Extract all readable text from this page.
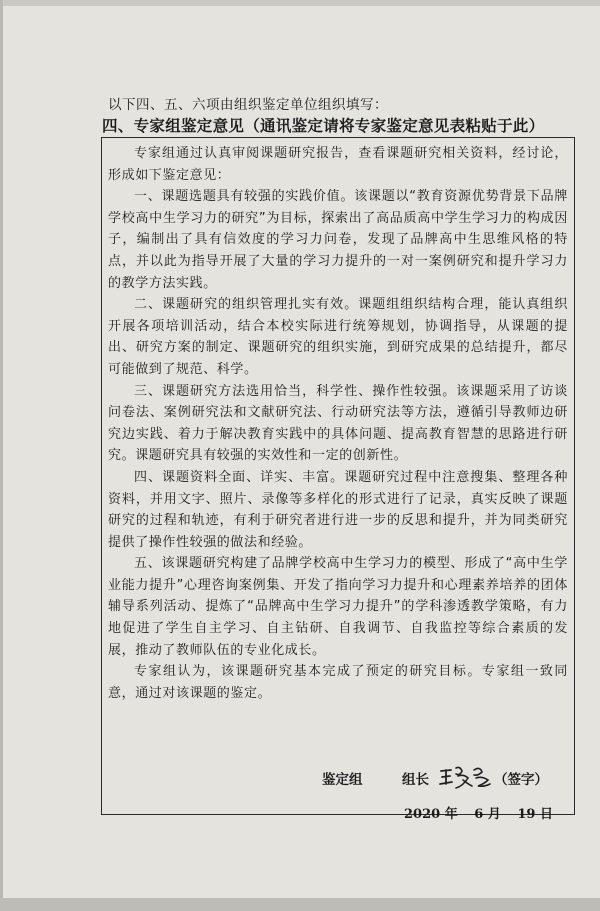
以下四、五、六项由组织鉴定单位组织填写：
四、专家组鉴定意见（通讯鉴定请将专家鉴定意见表粘贴于此）

专家组通过认真审阅课题研究报告，查看课题研究相关资料，经讨论，形成如下鉴定意见：

一、课题选题具有较强的实践价值。该课题以“教育资源优势背景下品牌学校高中生学习力的研究”为目标，探索出了高品质高中学生学习力的构成因子，编制出了具有信效度的学习力问卷，发现了品牌高中生思维风格的特点，并以此为指导开展了大量的学习力提升的一对一案例研究和提升学习力的教学方法实践。

二、课题研究的组织管理扎实有效。课题组组织结构合理，能认真组织开展各项培训活动，结合本校实际进行统筹规划，协调指导，从课题的提出、研究方案的制定、课题研究的组织实施，到研究成果的总结提升，都尽可能做到了规范、科学。

三、课题研究方法选用恰当，科学性、操作性较强。该课题采用了访谈问卷法、案例研究法和文献研究法、行动研究法等方法，遵循引导教师边研究边实践、着力于解决教育实践中的具体问题、提高教育智慧的思路进行研究。课题研究具有较强的实效性和一定的创新性。

四、课题资料全面、详实、丰富。课题研究过程中注意搜集、整理各种资料，并用文字、照片、录像等多样化的形式进行了记录，真实反映了课题研究的过程和轨迹，有利于研究者进行进一步的反思和提升，并为同类研究提供了操作性较强的做法和经验。

五、该课题研究构建了品牌学校高中生学习力的模型、形成了“高中生学业能力提升”心理咨询案例集、开发了指向学习力提升和心理素养培养的团体辅导系列活动、提炼了“品牌高中生学习力提升”的学科渗透教学策略，有力地促进了学生自主学习、自主钻研、自我调节、自我监控等综合素质的发展，推动了教师队伍的专业化成长。

专家组认为，该课题研究基本完成了预定的研究目标。专家组一致同意，通过对该课题的鉴定。

鉴定组	组长	（签字）
2020 年 6 月 19 日
